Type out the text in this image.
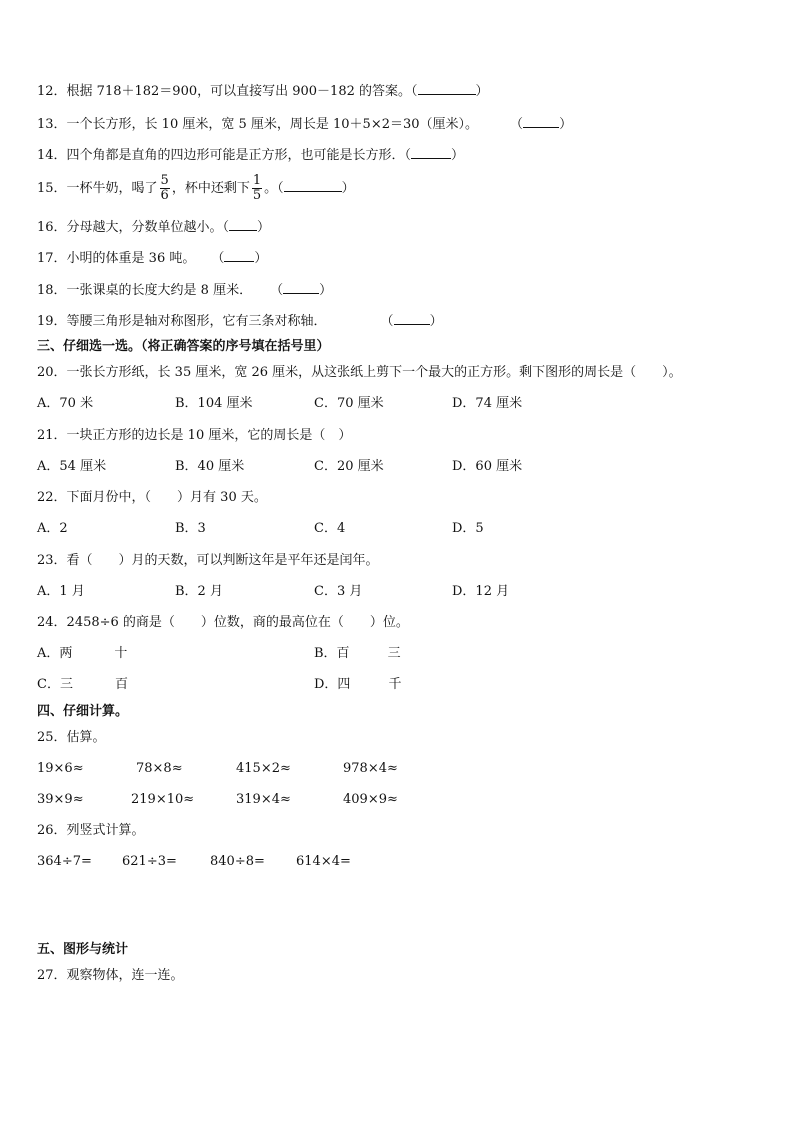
12．根据 718＋182＝900，可以直接写出 900－182 的答案。（	）
13．一个长方形，长 10 厘米，宽 5 厘米，周长是 10＋5×2＝30（厘米）。 （	）
14．四个角都是直角的四边形可能是正方形，也可能是长方形．（	）
15．一杯牛奶，喝了 $\frac{5}{6}$ ，杯中还剩下 $\frac{1}{5}$ 。（	）
16．分母越大，分数单位越小。（ ）
17．小明的体重是 36 吨。 （ ）
18．一张课桌的长度大约是 8 厘米． （	）
19．等腰三角形是轴对称图形，它有三条对称轴．	（	）
三、仔细选一选。（将正确答案的序号填在括号里）
20．一张长方形纸，长 35 厘米，宽 26 厘米，从这张纸上剪下一个最大的正方形。剩下图形的周长是（　　）。
A．70 米	B．104 厘米	C．70 厘米	D．74 厘米
21．一块正方形的边长是 10 厘米，它的周长是（　）
A．54 厘米	B．40 厘米	C．20 厘米	D．60 厘米
22．下面月份中，（　　）月有 30 天。
A．2	B．3	C．4	D．5
23．看（　　）月的天数，可以判断这年是平年还是闰年。
A．1 月	B．2 月	C．3 月	D．12 月
24．2458÷6 的商是（　　）位数，商的最高位在（　　）位。
A．两	十	B．百	三
C．三	百	D．四	千
四、仔细计算。
25．估算。
19×6≈	78×8≈	415×2≈	978×4≈
39×9≈	219×10≈	319×4≈	409×9≈
26．列竖式计算。
364÷7= 621÷3=	840÷8= 614×4=
五、图形与统计
27．观察物体，连一连。
